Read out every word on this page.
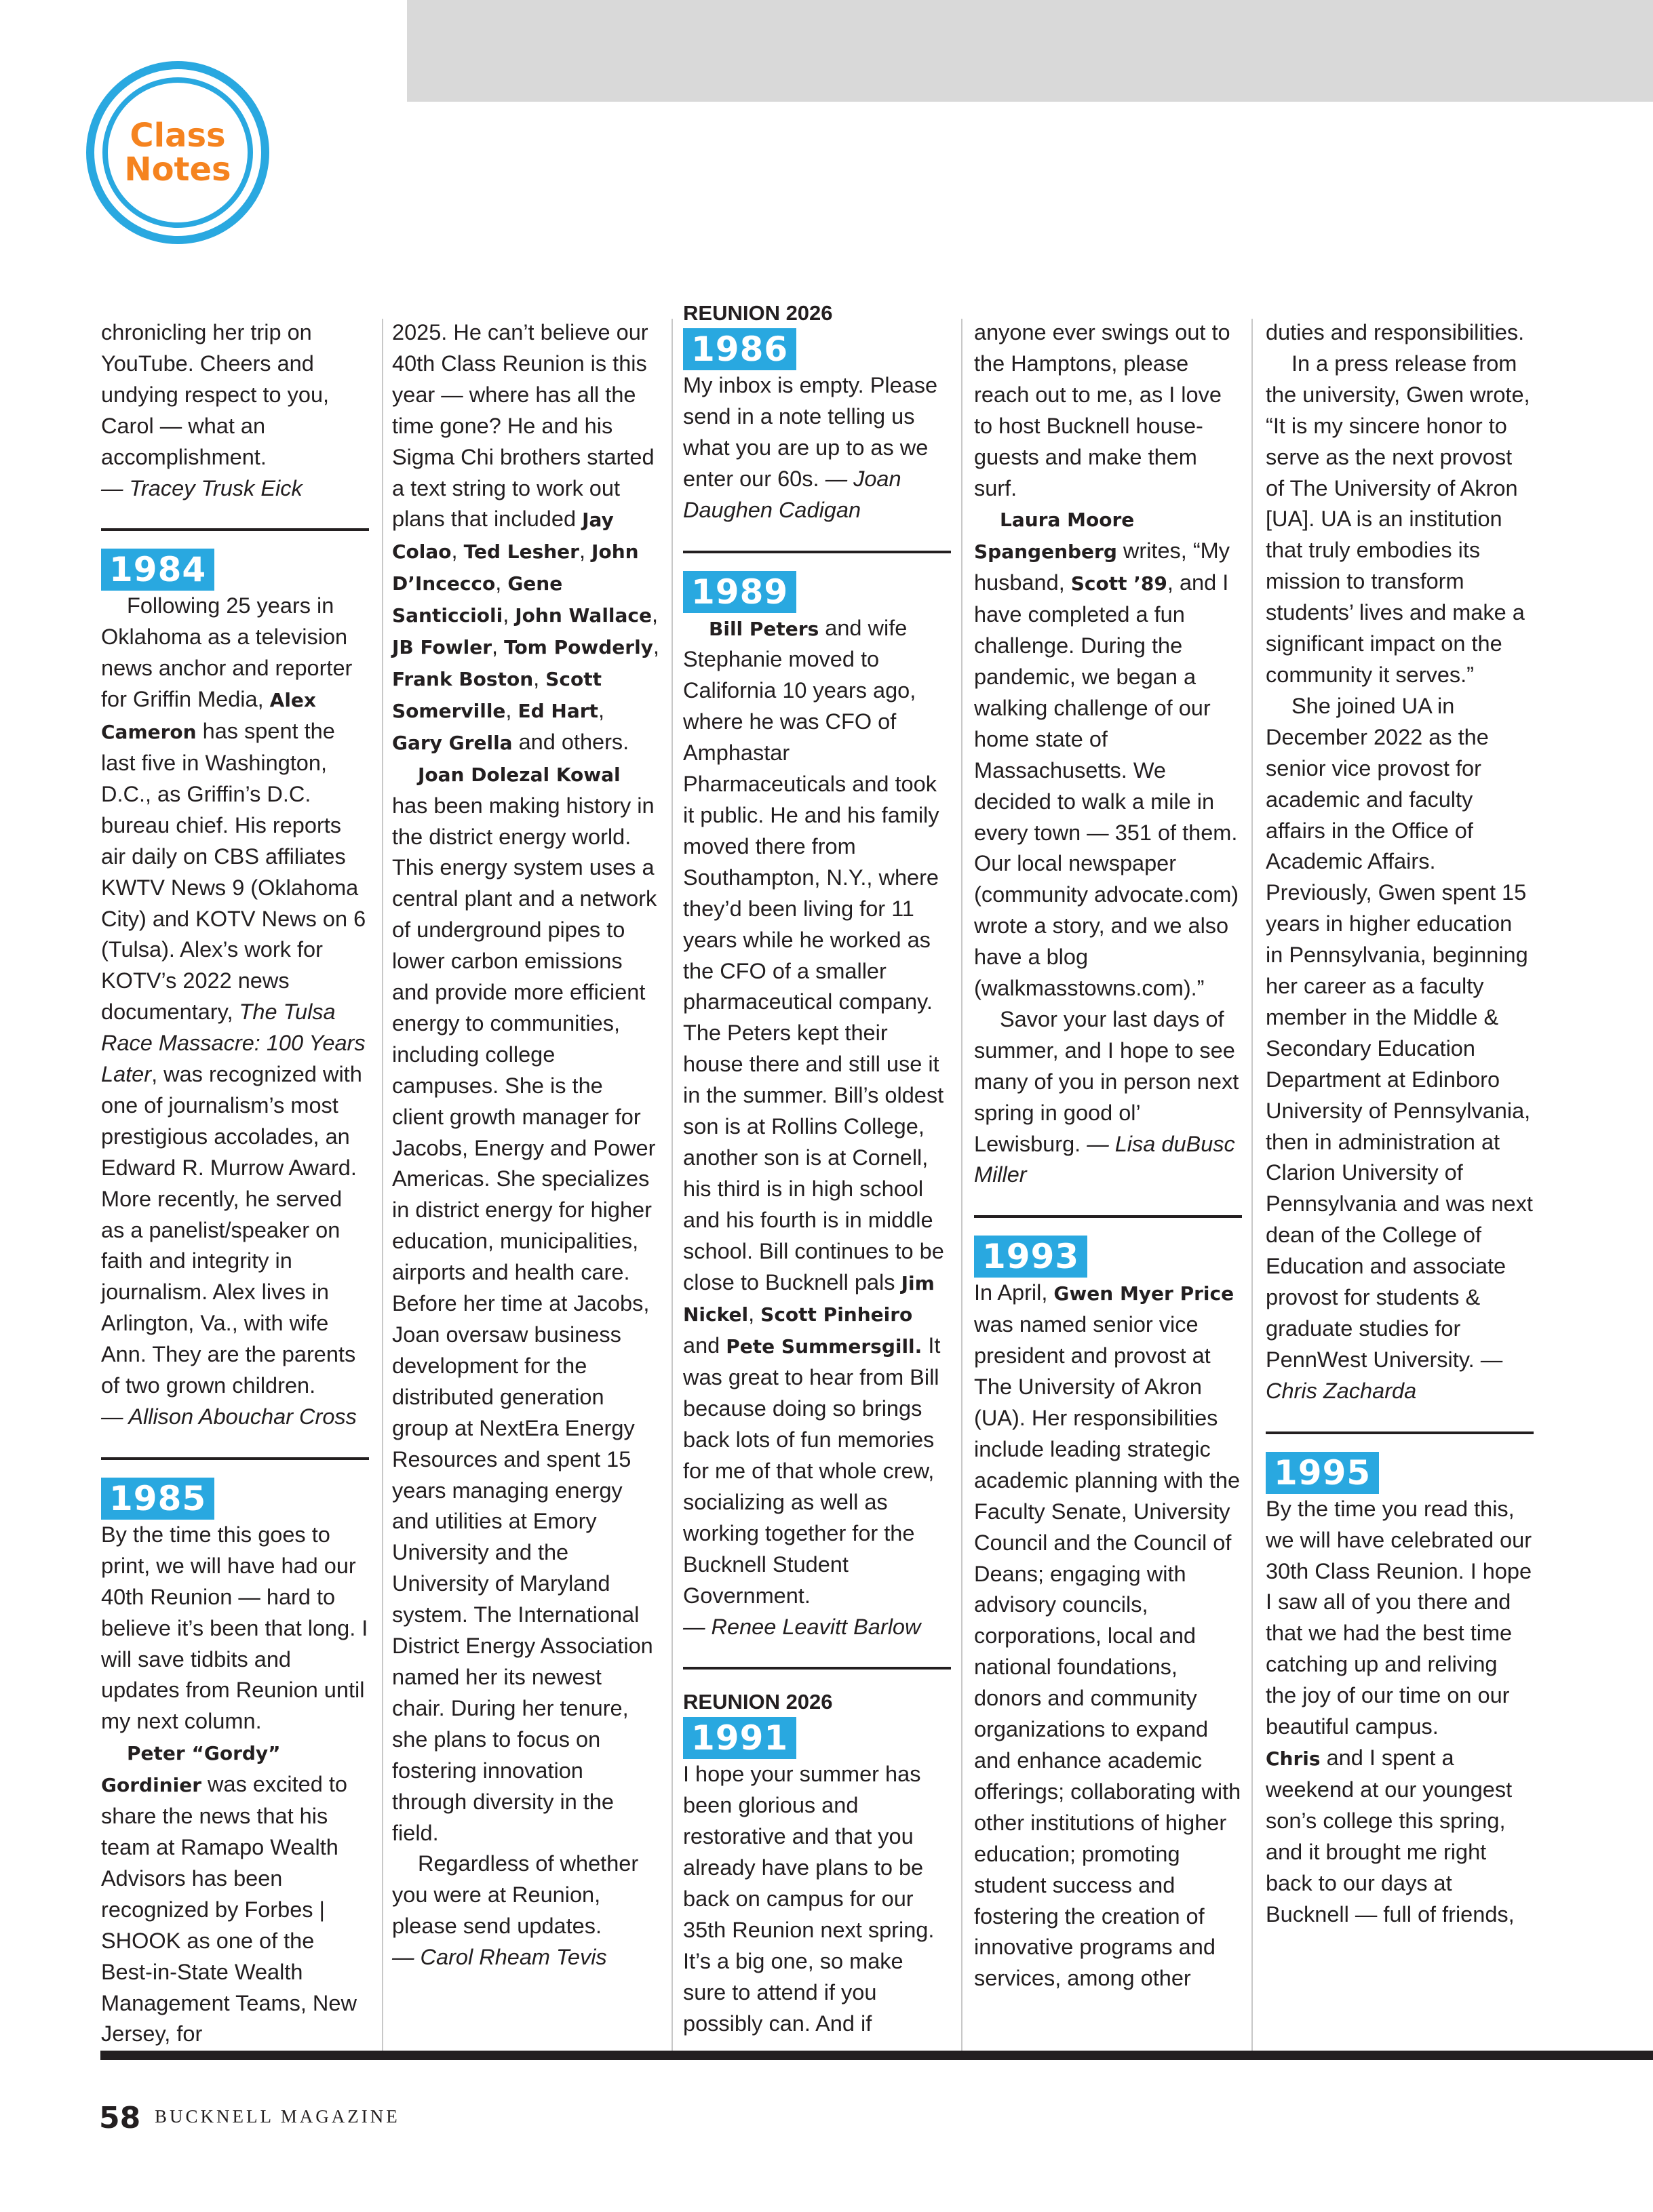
Class
Notes

chronicling her trip on YouTube. Cheers and undying respect to you, Carol — what an accomplishment.
— Tracey Trusk Eick

1984

Following 25 years in Oklahoma as a television news anchor and reporter for Griffin Media, Alex Cameron has spent the last five in Washington, D.C., as Griffin’s D.C. bureau chief. His reports air daily on CBS affiliates KWTV News 9 (Oklahoma City) and KOTV News on 6 (Tulsa). Alex’s work for KOTV’s 2022 news documentary, The Tulsa Race Massacre: 100 Years Later, was recognized with one of journalism’s most prestigious accolades, an Edward R. Murrow Award. More recently, he served as a panelist/speaker on faith and integrity in journalism. Alex lives in Arlington, Va., with wife Ann. They are the parents of two grown children.
— Allison Abouchar Cross

1985

By the time this goes to print, we will have had our 40th Reunion — hard to believe it’s been that long. I will save tidbits and updates from Reunion until my next column.

Peter “Gordy” Gordinier was excited to share the news that his team at Ramapo Wealth Advisors has been recognized by Forbes | SHOOK as one of the Best-in-State Wealth Management Teams, New Jersey, for

2025. He can’t believe our 40th Class Reunion is this year — where has all the time gone? He and his Sigma Chi brothers started a text string to work out plans that included Jay Colao, Ted Lesher, John D’Incecco, Gene Santiccioli, John Wallace, JB Fowler, Tom Powderly, Frank Boston, Scott Somerville, Ed Hart, Gary Grella and others.

Joan Dolezal Kowal has been making history in the district energy world. This energy system uses a central plant and a network of underground pipes to lower carbon emissions and provide more efficient energy to communities, including college campuses. She is the client growth manager for Jacobs, Energy and Power Americas. She specializes in district energy for higher education, municipalities, airports and health care. Before her time at Jacobs, Joan oversaw business development for the distributed generation group at NextEra Energy Resources and spent 15 years managing energy and utilities at Emory University and the University of Maryland system. The International District Energy Association named her its newest chair. During her tenure, she plans to focus on fostering innovation through diversity in the field.

Regardless of whether you were at Reunion, please send updates.
— Carol Rheam Tevis

REUNION 2026
1986

My inbox is empty. Please send in a note telling us what you are up to as we enter our 60s. — Joan Daughen Cadigan

1989

Bill Peters and wife Stephanie moved to California 10 years ago, where he was CFO of Amphastar Pharmaceuticals and took it public. He and his family moved there from Southampton, N.Y., where they’d been living for 11 years while he worked as the CFO of a smaller pharmaceutical company. The Peters kept their house there and still use it in the summer. Bill’s oldest son is at Rollins College, another son is at Cornell, his third is in high school and his fourth is in middle school. Bill continues to be close to Bucknell pals Jim Nickel, Scott Pinheiro and Pete Summersgill. It was great to hear from Bill because doing so brings back lots of fun memories for me of that whole crew, socializing as well as working together for the Bucknell Student Government.
— Renee Leavitt Barlow

REUNION 2026
1991

I hope your summer has been glorious and restorative and that you already have plans to be back on campus for our 35th Reunion next spring. It’s a big one, so make sure to attend if you possibly can. And if

anyone ever swings out to the Hamptons, please reach out to me, as I love to host Bucknell house-guests and make them surf.

Laura Moore Spangenberg writes, “My husband, Scott ’89, and I have completed a fun challenge. During the pandemic, we began a walking challenge of our home state of Massachusetts. We decided to walk a mile in every town — 351 of them. Our local newspaper (community advocate.com) wrote a story, and we also have a blog (walkmasstowns.com).”

Savor your last days of summer, and I hope to see many of you in person next spring in good ol’ Lewisburg. — Lisa duBusc Miller

1993

In April, Gwen Myer Price was named senior vice president and provost at The University of Akron (UA). Her responsibilities include leading strategic academic planning with the Faculty Senate, University Council and the Council of Deans; engaging with advisory councils, corporations, local and national foundations, donors and community organizations to expand and enhance academic offerings; collaborating with other institutions of higher education; promoting student success and fostering the creation of innovative programs and services, among other

duties and responsibilities.

In a press release from the university, Gwen wrote, “It is my sincere honor to serve as the next provost of The University of Akron [UA]. UA is an institution that truly embodies its mission to transform students’ lives and make a significant impact on the community it serves.”

She joined UA in December 2022 as the senior vice provost for academic and faculty affairs in the Office of Academic Affairs. Previously, Gwen spent 15 years in higher education in Pennsylvania, beginning her career as a faculty member in the Middle & Secondary Education Department at Edinboro University of Pennsylvania, then in administration at Clarion University of Pennsylvania and was next dean of the College of Education and associate provost for students & graduate studies for PennWest University. — Chris Zacharda

1995

By the time you read this, we will have celebrated our 30th Class Reunion. I hope I saw all of you there and that we had the best time catching up and reliving the joy of our time on our beautiful campus.
Chris and I spent a weekend at our youngest son’s college this spring, and it brought me right back to our days at Bucknell — full of friends,

58 BUCKNELL MAGAZINE
